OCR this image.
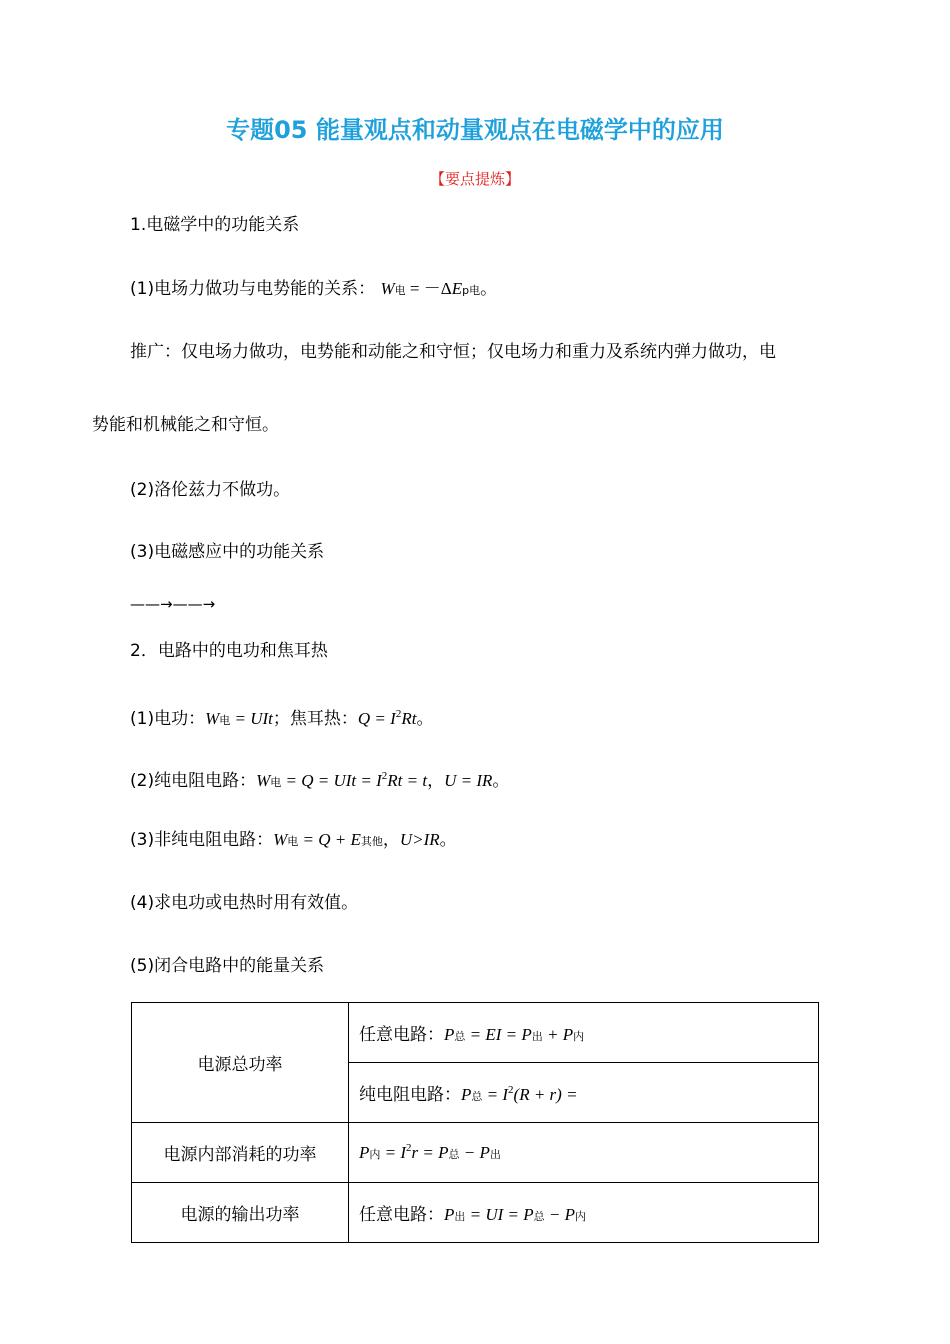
专题05 能量观点和动量观点在电磁学中的应用
【要点提炼】
1.电磁学中的功能关系
(1)电场力做功与电势能的关系： W电 = －ΔEp电。
推广：仅电场力做功，电势能和动能之和守恒；仅电场力和重力及系统内弹力做功，电
势能和机械能之和守恒。
(2)洛伦兹力不做功。
(3)电磁感应中的功能关系
——→——→
2．电路中的电功和焦耳热
(1)电功：W电 = UIt；焦耳热：$Q = I^2Rt$。
(2)纯电阻电路：W电 = Q = UIt = $I^2Rt = t$，U = IR。
(3)非纯电阻电路：W电 = Q + E其他，U>IR。
(4)求电功或电热时用有效值。
(5)闭合电路中的能量关系
电源总功率	任意电路：P总 = EI = P出 + P内
	纯电阻电路：P总 = $I^2(R + r)$ =
电源内部消耗的功率	P内 = $I^2r = P$总 − P出
电源的输出功率	任意电路：P出 = UI = P总 − P内
